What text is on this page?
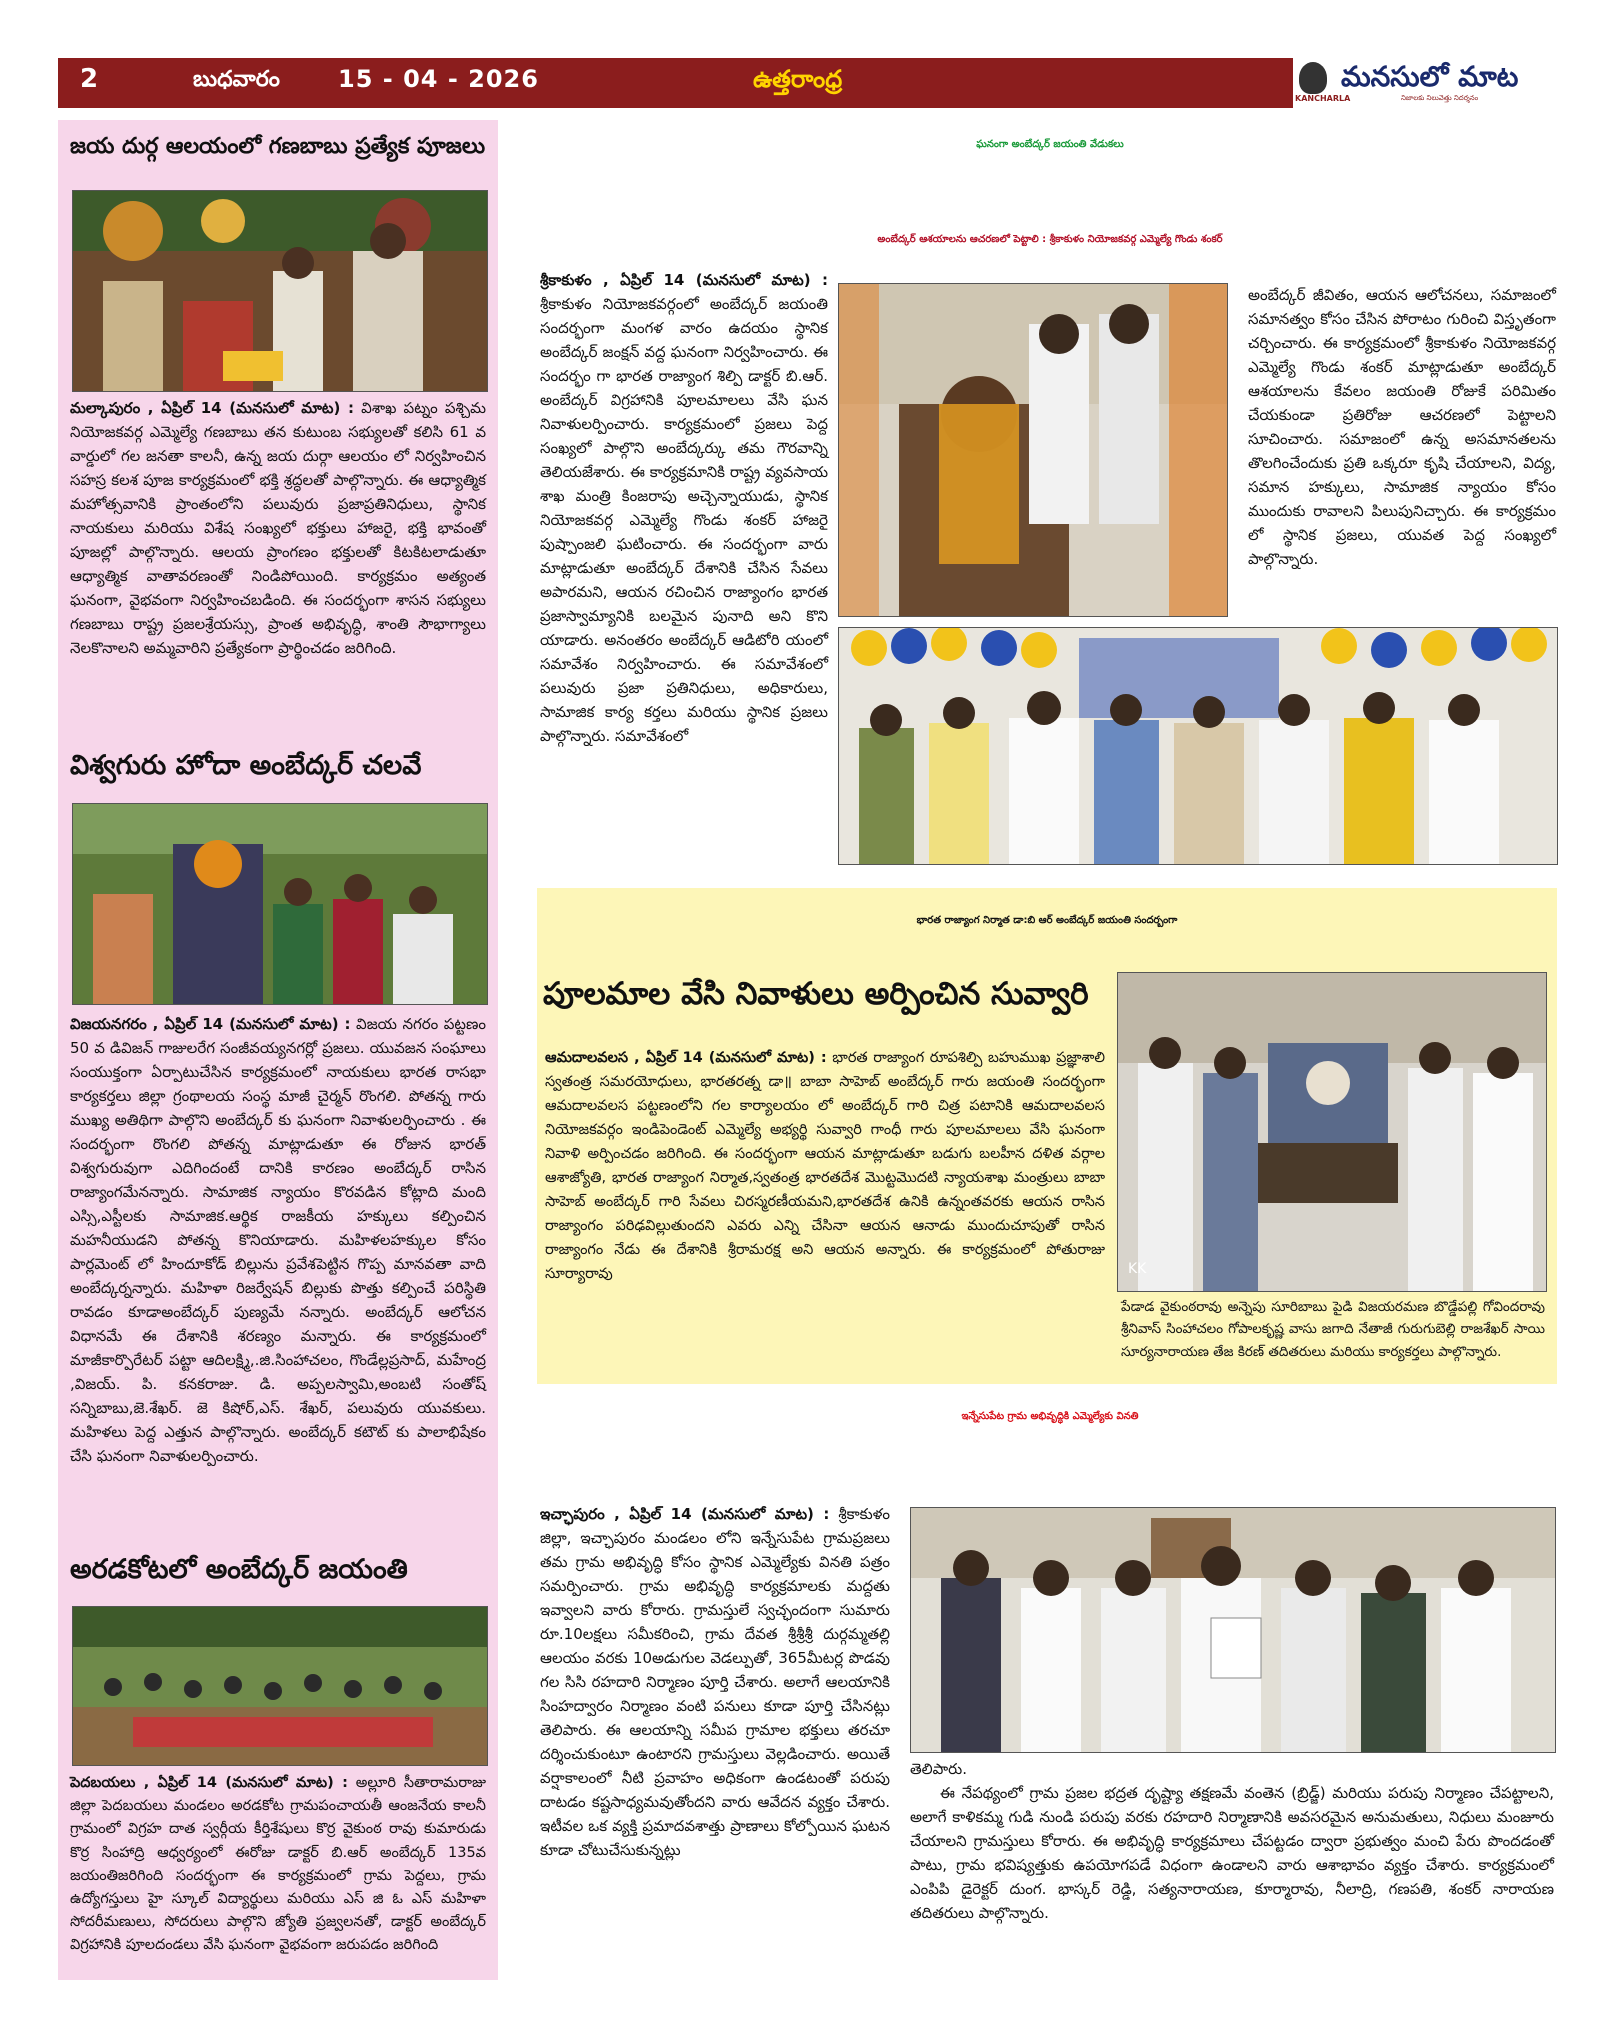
2	బుధవారం 15 - 04 - 2026	ఉత్తరాంధ్ర
KANCHARLA
మనసులో మాట
నిజాలకు నిలువెత్తు నిదర్శనం
జయ దుర్గ ఆలయంలో గణబాబు ప్రత్యేక పూజలు
మల్కాపురం , ఏప్రిల్ 14 (మనసులో మాట) : విశాఖ పట్నం పశ్చిమ నియోజకవర్గ ఎమ్మెల్యే గణబాబు తన కుటుంబ సభ్యులతో కలిసి 61 వ వార్డులో గల జనతా కాలనీ, ఉన్న జయ దుర్గా ఆలయం లో నిర్వహించిన సహస్ర కలశ పూజ కార్యక్రమంలో భక్తి శ్రద్ధలతో పాల్గొన్నారు. ఈ ఆధ్యాత్మిక మహోత్సవానికి ప్రాంతంలోని పలువురు ప్రజాప్రతినిధులు, స్థానిక నాయకులు మరియు విశేష సంఖ్యలో భక్తులు హాజరై, భక్తి భావంతో పూజల్లో పాల్గొన్నారు. ఆలయ ప్రాంగణం భక్తులతో కిటకిటలాడుతూ ఆధ్యాత్మిక వాతావరణంతో నిండిపోయింది. కార్యక్రమం అత్యంత ఘనంగా, వైభవంగా నిర్వహించబడింది. ఈ సందర్భంగా శాసన సభ్యులు గణబాబు రాష్ట్ర ప్రజలశ్రేయస్సు, ప్రాంత అభివృద్ధి, శాంతి సౌభాగ్యాలు నెలకొనాలని అమ్మవారిని ప్రత్యేకంగా ప్రార్థించడం జరిగింది.
విశ్వగురు హోదా అంబేద్కర్ చలవే
విజయనగరం , ఏప్రిల్ 14 (మనసులో మాట) : విజయ నగరం పట్టణం 50 వ డివిజన్ గాజులరేగ సంజీవయ్యనగర్లో ప్రజలు. యువజన సంఘాలు సంయుక్తంగా ఏర్పాటుచేసిన కార్యక్రమంలో నాయకులు భారత రాసభా కార్యకర్తలు జిల్లా గ్రంథాలయ సంస్థ మాజీ చైర్మన్ రొంగలి. పోతన్న గారు ముఖ్య అతిథిగా పాల్గొని అంబేద్కర్ కు ఘనంగా నివాళులర్పించారు . ఈ సందర్భంగా రొంగలి పోతన్న మాట్లాడుతూ ఈ రోజున భారత్ విశ్వగురువుగా ఎదిగిందంటే దానికి కారణం అంబేద్కర్ రాసిన రాజ్యాంగమేనన్నారు. సామాజిక న్యాయం కొరవడిన కోట్లాది మంది ఎస్సి,ఎస్టీలకు సామాజిక.ఆర్థిక రాజకీయ హక్కులు కల్పించిన మహనీయుడని పోతన్న కొనియాడారు. మహిళలహక్కుల కోసం పార్లమెంట్ లో హిందూకోడ్ బిల్లును ప్రవేశపెట్టిన గొప్ప మానవతా వాది అంబేద్కర్నన్నారు. మహిళా రిజర్వేషన్ బిల్లుకు పొత్తు కల్పించే పరిస్థితి రావడం కూడాఅంబేద్కర్ పుణ్యమే నన్నారు. అంబేద్కర్ ఆలోచన విధానమే ఈ దేశానికి శరణ్యం మన్నారు. ఈ కార్యక్రమంలో మాజీకార్పొరేటర్ పట్టా ఆదిలక్ష్మి,.జి.సింహాచలం, గొండేల్లప్రసాద్, మహేంద్ర ,విజయ్. పి. కనకరాజు. డి. అప్పలస్వామి,అంబటి సంతోష్ సన్నిబాబు,జె.శేఖర్. జె కిషోర్,ఎస్. శేఖర్, పలువురు యువకులు. మహిళలు పెద్ద ఎత్తున పాల్గొన్నారు. అంబేద్కర్ కటౌట్ కు పాలాభిషేకం చేసి ఘనంగా నివాళులర్పించారు.
అరడకోటలో అంబేద్కర్ జయంతి
పెదబయలు , ఏప్రిల్ 14 (మనసులో మాట) : అల్లూరి సీతారామరాజు జిల్లా పెదబయలు మండలం అరడకోట గ్రామపంచాయతీ ఆంజనేయ కాలనీ గ్రామంలో విగ్రహ దాత స్వర్గీయ కీర్తిశేషులు కొర్ర వైకుంఠ రావు కుమారుడు కొర్ర సింహాద్రి ఆధ్వర్యంలో ఈరోజు డాక్టర్ బి.ఆర్ అంబేద్కర్ 135వ జయంతిజరిగింది సందర్భంగా ఈ కార్యక్రమంలో గ్రామ పెద్దలు, గ్రామ ఉద్యోగస్తులు హై స్కూల్ విద్యార్థులు మరియు ఎస్ జి ఓ ఎస్ మహిళా సోదరీమణులు, సోదరులు పాల్గొని జ్యోతి ప్రజ్వలనతో, డాక్టర్ అంబేద్కర్ విగ్రహానికి పూలదండలు వేసి ఘనంగా వైభవంగా జరుపడం జరిగింది
ఘనంగా అంబేద్కర్ జయంతి వేడుకలు
అంబేద్కర్ ఆశయాలను ఆచరణలో పెట్టాలి : శ్రీకాకుళం నియోజకవర్గ ఎమ్మెల్యే గొండు శంకర్
శ్రీకాకుళం , ఏప్రిల్ 14 (మనసులో మాట) : శ్రీకాకుళం నియోజకవర్గంలో అంబేద్కర్ జయంతి సందర్భంగా మంగళ వారం ఉదయం స్థానిక అంబేద్కర్ జంక్షన్ వద్ద ఘనంగా నిర్వహించారు. ఈ సందర్భం గా భారత రాజ్యాంగ శిల్పి డాక్టర్ బి.ఆర్. అంబేద్కర్ విగ్రహానికి పూలమాలలు వేసి ఘన నివాళులర్పించారు. కార్యక్రమంలో ప్రజలు పెద్ద సంఖ్యలో పాల్గొని అంబేద్కర్కు తమ గౌరవాన్ని తెలియజేశారు. ఈ కార్యక్రమానికి రాష్ట్ర వ్యవసాయ శాఖ మంత్రి కింజరాపు అచ్చెన్నాయుడు, స్థానిక నియోజకవర్గ ఎమ్మెల్యే గొండు శంకర్ హాజరై పుష్పాంజలి ఘటించారు. ఈ సందర్భంగా వారు మాట్లాడుతూ అంబేద్కర్ దేశానికి చేసిన సేవలు అపారమని, ఆయన రచించిన రాజ్యాంగం భారత ప్రజాస్వామ్యానికి బలమైన పునాది అని కొని యాడారు. అనంతరం అంబేద్కర్ ఆడిటోరి యంలో సమావేశం నిర్వహించారు. ఈ సమావేశంలో పలువురు ప్రజా ప్రతినిధులు, అధికారులు, సామాజిక కార్య కర్తలు మరియు స్థానిక ప్రజలు పాల్గొన్నారు. సమావేశంలో
అంబేద్కర్ జీవితం, ఆయన ఆలోచనలు, సమాజంలో సమానత్వం కోసం చేసిన పోరాటం గురించి విస్తృతంగా చర్చించారు. ఈ కార్యక్రమంలో శ్రీకాకుళం నియోజకవర్గ ఎమ్మెల్యే గొండు శంకర్ మాట్లాడుతూ అంబేద్కర్ ఆశయాలను కేవలం జయంతి రోజుకే పరిమితం చేయకుండా ప్రతిరోజు ఆచరణలో పెట్టాలని సూచించారు. సమాజంలో ఉన్న అసమానతలను తొలగించేందుకు ప్రతి ఒక్కరూ కృషి చేయాలని, విద్య, సమాన హక్కులు, సామాజిక న్యాయం కోసం ముందుకు రావాలని పిలుపునిచ్చారు. ఈ కార్యక్రమం లో స్థానిక ప్రజలు, యువత పెద్ద సంఖ్యలో పాల్గొన్నారు.
భారత రాజ్యాంగ నిర్మాత డా:బి ఆర్ అంబేద్కర్ జయంతి సందర్బంగా
పూలమాల వేసి నివాళులు అర్పించిన సువ్వారి
ఆమదాలవలస , ఏప్రిల్ 14 (మనసులో మాట) : భారత రాజ్యాంగ రూపశిల్పి బహుముఖ ప్రజ్ఞాశాలి స్వతంత్ర సమరయోధులు, భారతరత్న డా॥ బాబా సాహెబ్ అంబేద్కర్ గారు జయంతి సందర్భంగా ఆమదాలవలస పట్టణంలోని గల కార్యాలయం లో అంబేద్కర్ గారి చిత్ర పటానికి ఆమదాలవలస నియోజకవర్గం ఇండిపెండెంట్ ఎమ్మెల్యే అభ్యర్థి సువ్వారి గాంధీ గారు పూలమాలలు వేసి ఘనంగా నివాళి అర్పించడం జరిగింది. ఈ సందర్భంగా ఆయన మాట్లాడుతూ బడుగు బలహీన దళిత వర్గాల ఆశాజ్యోతి, భారత రాజ్యాంగ నిర్మాత,స్వతంత్ర భారతదేశ మొట్టమొదటి న్యాయశాఖ మంత్రులు బాబా సాహెబ్ అంబేద్కర్ గారి సేవలు చిరస్మరణీయమని,భారతదేశ ఉనికి ఉన్నంతవరకు ఆయన రాసిన రాజ్యాంగం పరిఢవిల్లుతుందని ఎవరు ఎన్ని చేసినా ఆయన ఆనాడు ముందుచూపుతో రాసిన రాజ్యాంగం నేడు ఈ దేశానికి శ్రీరామరక్ష అని ఆయన అన్నారు. ఈ కార్యక్రమంలో పోతురాజు సూర్యారావు	KK
పేడాడ వైకుంఠరావు అన్నెపు సూరిబాబు పైడి విజయరమణ బొడ్డేపల్లి గోవిందరావు శ్రీనివాస్ సింహాచలం గోపాలకృష్ణ వాసు జగాది నేతాజీ గురుగుబెల్లి రాజశేఖర్ సాయి సూర్యనారాయణ తేజ కిరణ్ తదితరులు మరియు కార్యకర్తలు పాల్గొన్నారు.
ఇన్నేసుపేట గ్రామ అభివృద్ధికి ఎమ్మెల్యేకు వినతి
ఇచ్ఛాపురం , ఏప్రిల్ 14 (మనసులో మాట) : శ్రీకాకుళం జిల్లా, ఇచ్ఛాపురం మండలం లోని ఇన్నేసుపేట గ్రామప్రజలు తమ గ్రామ అభివృద్ధి కోసం స్థానిక ఎమ్మెల్యేకు వినతి పత్రం సమర్పించారు. గ్రామ అభివృద్ధి కార్యక్రమాలకు మద్దతు ఇవ్వాలని వారు కోరారు. గ్రామస్తులే స్వచ్ఛందంగా సుమారు రూ.10లక్షలు సమీకరించి, గ్రామ దేవత శ్రీశ్రీశ్రీ దుర్గమ్మతల్లి ఆలయం వరకు 10అడుగుల వెడల్పుతో, 365మీటర్ల పొడవు గల సిసి రహదారి నిర్మాణం పూర్తి చేశారు. అలాగే ఆలయానికి సింహద్వారం నిర్మాణం వంటి పనులు కూడా పూర్తి చేసినట్లు తెలిపారు. ఈ ఆలయాన్ని సమీప గ్రామాల భక్తులు తరచూ దర్శించుకుంటూ ఉంటారని గ్రామస్తులు వెల్లడించారు. అయితే వర్షాకాలంలో నీటి ప్రవాహం అధికంగా ఉండటంతో పరుపు దాటడం కష్టసాధ్యమవుతోందని వారు ఆవేదన వ్యక్తం చేశారు. ఇటీవల ఒక వ్యక్తి ప్రమాదవశాత్తు ప్రాణాలు కోల్పోయిన ఘటన కూడా చోటుచేసుకున్నట్లు
తెలిపారు.
ఈ నేపథ్యంలో గ్రామ ప్రజల భద్రత దృష్ట్యా తక్షణమే వంతెన (బ్రిడ్జ్) మరియు పరుపు నిర్మాణం చేపట్టాలని, అలాగే కాళికమ్మ గుడి నుండి పరుపు వరకు రహదారి నిర్మాణానికి అవసరమైన అనుమతులు, నిధులు మంజూరు చేయాలని గ్రామస్తులు కోరారు. ఈ అభివృద్ధి కార్యక్రమాలు చేపట్టడం ద్వారా ప్రభుత్వం మంచి పేరు పొందడంతో పాటు, గ్రామ భవిష్యత్తుకు ఉపయోగపడే విధంగా ఉండాలని వారు ఆశాభావం వ్యక్తం చేశారు. కార్యక్రమంలో ఎంపిపి డైరెక్టర్ దుంగ. భాస్కర్ రెడ్డి, సత్యనారాయణ, కూర్మారావు, నీలాద్రి, గణపతి, శంకర్ నారాయణ తదితరులు పాల్గొన్నారు.
